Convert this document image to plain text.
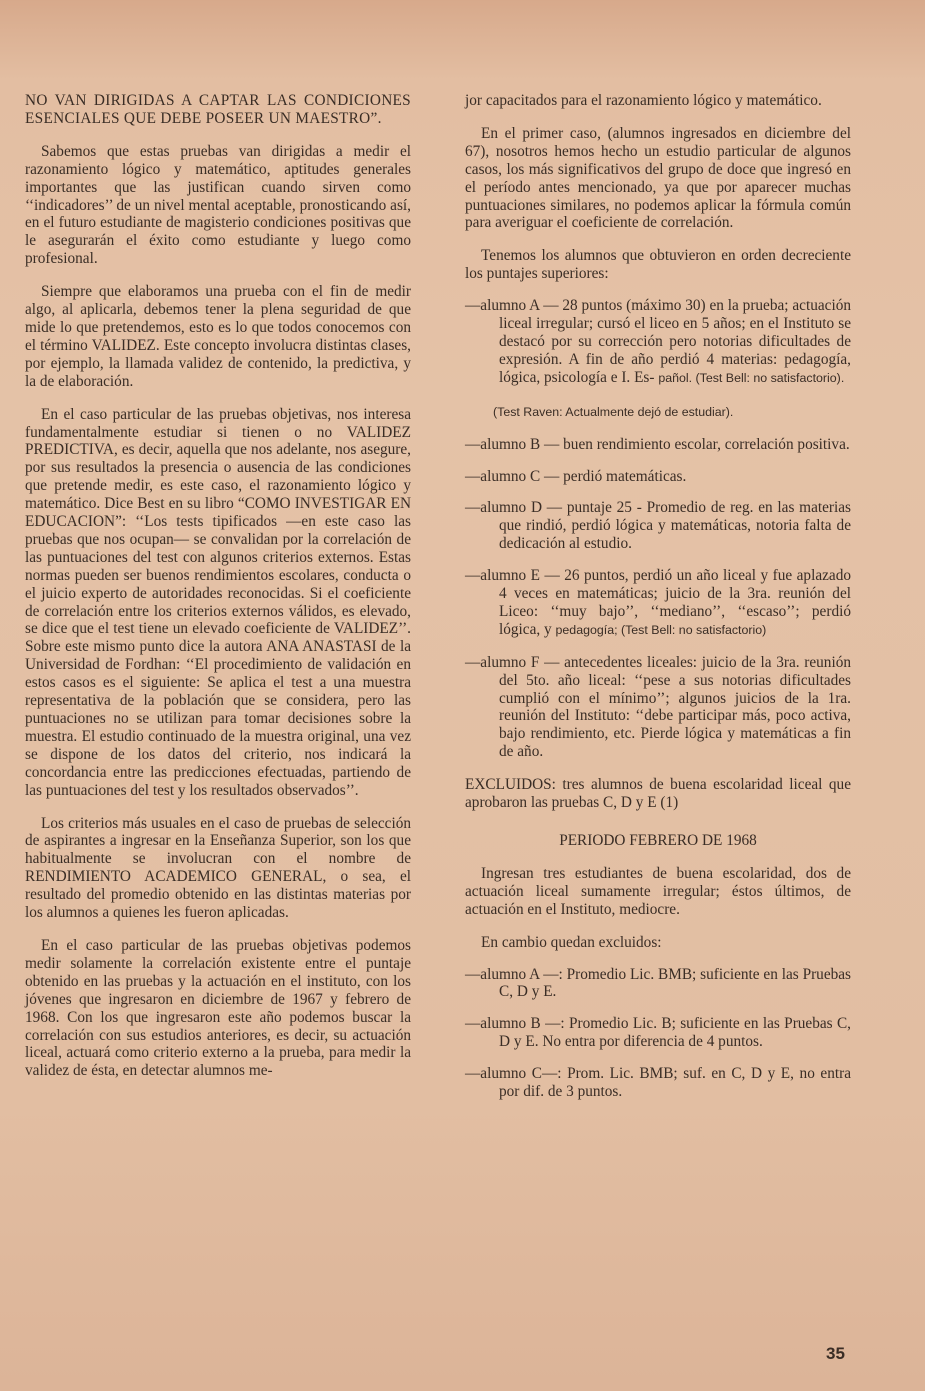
NO VAN DIRIGIDAS A CAPTAR LAS CONDICIONES ESENCIALES QUE DEBE POSEER UN MAESTRO”.

Sabemos que estas pruebas van dirigidas a medir el razonamiento lógico y matemático, aptitudes generales importantes que las justifican cuando sirven como ‘‘indicadores’’ de un nivel mental aceptable, pronosticando así, en el futuro estudiante de magisterio condiciones positivas que le asegurarán el éxito como estudiante y luego como profesional.

Siempre que elaboramos una prueba con el fin de medir algo, al aplicarla, debemos tener la plena seguridad de que mide lo que pretendemos, esto es lo que todos conocemos con el término VALIDEZ. Este concepto involucra distintas clases, por ejemplo, la llamada validez de contenido, la predictiva, y la de elaboración.

En el caso particular de las pruebas objetivas, nos interesa fundamentalmente estudiar si tienen o no VALIDEZ PREDICTIVA, es decir, aquella que nos adelante, nos asegure, por sus resultados la presencia o ausencia de las condiciones que pretende medir, es este caso, el razonamiento lógico y matemático. Dice Best en su libro “COMO INVESTIGAR EN EDUCACION”: ‘‘Los tests tipificados —en este caso las pruebas que nos ocupan— se convalidan por la correlación de las puntuaciones del test con algunos criterios externos. Estas normas pueden ser buenos rendimientos escolares, conducta o el juicio experto de autoridades reconocidas. Si el coeficiente de correlación entre los criterios externos válidos, es elevado, se dice que el test tiene un elevado coeficiente de VALIDEZ’’. Sobre este mismo punto dice la autora ANA ANASTASI de la Universidad de Fordhan: ‘‘El procedimiento de validación en estos casos es el siguiente: Se aplica el test a una muestra representativa de la población que se considera, pero las puntuaciones no se utilizan para tomar decisiones sobre la muestra. El estudio continuado de la muestra original, una vez se dispone de los datos del criterio, nos indicará la concordancia entre las predicciones efectuadas, partiendo de las puntuaciones del test y los resultados observados’’.

Los criterios más usuales en el caso de pruebas de selección de aspirantes a ingresar en la Enseñanza Superior, son los que habitualmente se involucran con el nombre de RENDIMIENTO ACADEMICO GENERAL, o sea, el resultado del promedio obtenido en las distintas materias por los alumnos a quienes les fueron aplicadas.

En el caso particular de las pruebas objetivas podemos medir solamente la correlación existente entre el puntaje obtenido en las pruebas y la actuación en el instituto, con los jóvenes que ingresaron en diciembre de 1967 y febrero de 1968. Con los que ingresaron este año podemos buscar la correlación con sus estudios anteriores, es decir, su actuación liceal, actuará como criterio externo a la prueba, para medir la validez de ésta, en detectar alumnos me-

jor capacitados para el razonamiento lógico y matemático.

En el primer caso, (alumnos ingresados en diciembre del 67), nosotros hemos hecho un estudio particular de algunos casos, los más significativos del grupo de doce que ingresó en el período antes mencionado, ya que por aparecer muchas puntuaciones similares, no podemos aplicar la fórmula común para averiguar el coeficiente de correlación.

Tenemos los alumnos que obtuvieron en orden decreciente los puntajes superiores:

—alumno A — 28 puntos (máximo 30) en la prueba; actuación liceal irregular; cursó el liceo en 5 años; en el Instituto se destacó por su corrección pero notorias dificultades de expresión. A fin de año perdió 4 materias: pedagogía, lógica, psicología e I. Es- pañol. (Test Bell: no satisfactorio).

(Test Raven: Actualmente dejó de estudiar).

—alumno B — buen rendimiento escolar, correlación positiva.

—alumno C — perdió matemáticas.

—alumno D — puntaje 25 - Promedio de reg. en las materias que rindió, perdió lógica y matemáticas, notoria falta de dedicación al estudio.

—alumno E — 26 puntos, perdió un año liceal y fue aplazado 4 veces en matemáticas; juicio de la 3ra. reunión del Liceo: ‘‘muy bajo’’, ‘‘mediano’’, ‘‘escaso’’; perdió lógica, y pedagogía; (Test Bell: no satisfactorio)

—alumno F — antecedentes liceales: juicio de la 3ra. reunión del 5to. año liceal: ‘‘pese a sus notorias dificultades cumplió con el mínimo’’; algunos juicios de la 1ra. reunión del Instituto: ‘‘debe participar más, poco activa, bajo rendimiento, etc. Pierde lógica y matemáticas a fin de año.

EXCLUIDOS: tres alumnos de buena escolaridad liceal que aprobaron las pruebas C, D y E (1)

PERIODO FEBRERO DE 1968

Ingresan tres estudiantes de buena escolaridad, dos de actuación liceal sumamente irregular; éstos últimos, de actuación en el Instituto, mediocre.

En cambio quedan excluidos:

—alumno A —: Promedio Lic. BMB; suficiente en las Pruebas C, D y E.

—alumno B —: Promedio Lic. B; suficiente en las Pruebas C, D y E. No entra por diferencia de 4 puntos.

—alumno C—: Prom. Lic. BMB; suf. en C, D y E, no entra por dif. de 3 puntos.

35
